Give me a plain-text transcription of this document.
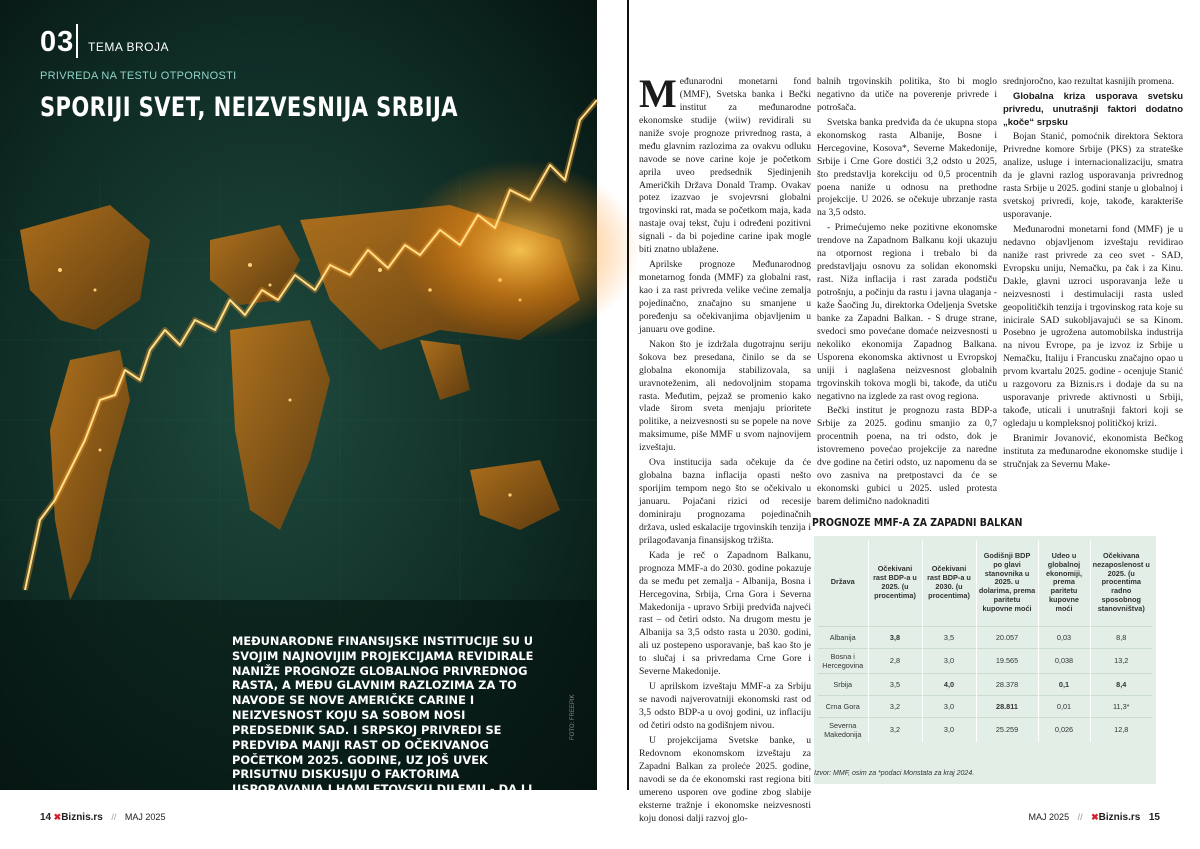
03 TEMA BROJA
PRIVREDA NA TESTU OTPORNOSTI
SPORIJI SVET, NEIZVESNIJA SRBIJA
MEĐUNARODNE FINANSIJSKE INSTITUCIJE SU U SVOJIM NAJNOVIJIM PROJEKCIJAMA REVIDIRALE NANIŽE PROGNOZE GLOBALNOG PRIVREDNOG RASTA, A MEĐU GLAVNIM RAZLOZIMA ZA TO NAVODE SE NOVE AMERIČKE CARINE I NEIZVESNOST KOJU SA SOBOM NOSI PREDSEDNIK SAD. I SRPSKOJ PRIVREDI SE PREDVIĐA MANJI RAST OD OČEKIVANOG POČETKOM 2025. GODINE, UZ JOŠ UVEK PRISUTNU DISKUSIJU O FAKTORIMA USPORAVANJA I HAMLETOVSKU DILEMU - DA LI JE VEĆI UDEO GLOBALNIH ILI DOMAĆIH NEGATIVNIH ČINILACA?
FOTO: FREEPIK

Međunarodni monetarni fond (MMF), Svetska banka i Bečki institut za međunarodne ekonomske studije (wiiw) revidirali su naniže svoje prognoze privrednog rasta, a među glavnim razlozima za ovakvu odluku navode se nove carine koje je početkom aprila uveo predsednik Sjedinjenih Američkih Država Donald Tramp. Ovakav potez izazvao je svojevrsni globalni trgovinski rat, mada se početkom maja, kada nastaje ovaj tekst, čuju i određeni pozitivni signali - da bi pojedine carine ipak mogle biti znatno ublažene.

Aprilske prognoze Međunarodnog monetarnog fonda (MMF) za globalni rast, kao i za rast privreda velike većine zemalja pojedinačno, značajno su smanjene u poređenju sa očekivanjima objavljenim u januaru ove godine.

Nakon što je izdržala dugotrajnu seriju šokova bez presedana, činilo se da se globalna ekonomija stabilizovala, sa uravnoteženim, ali nedovoljnim stopama rasta. Međutim, pejzaž se promenio kako vlade širom sveta menjaju prioritete politike, a neizvesnosti su se popele na nove maksimume, piše MMF u svom najnovijem izveštaju.

Ova institucija sada očekuje da će globalna bazna inflacija opasti nešto sporijim tempom nego što se očekivalo u januaru. Pojačani rizici od recesije dominiraju prognozama pojedinačnih država, usled eskalacije trgovinskih tenzija i prilagođavanja finansijskog tržišta.

Kada je reč o Zapadnom Balkanu, prognoza MMF-a do 2030. godine pokazuje da se među pet zemalja - Albanija, Bosna i Hercegovina, Srbija, Crna Gora i Severna Makedonija - upravo Srbiji predviđa najveći rast – od četiri odsto. Na drugom mestu je Albanija sa 3,5 odsto rasta u 2030. godini, ali uz postepeno usporavanje, baš kao što je to slučaj i sa privredama Crne Gore i Severne Makedonije.

U aprilskom izveštaju MMF-a za Srbiju se navodi najverovatniji ekonomski rast od 3,5 odsto BDP-a u ovoj godini, uz inflaciju od četiri odsto na godišnjem nivou.

U projekcijama Svetske banke, u Redovnom ekonomskom izveštaju za Zapadni Balkan za proleće 2025. godine, navodi se da će ekonomski rast regiona biti umereno usporen ove godine zbog slabije eksterne tražnje i ekonomske neizvesnosti koju donosi dalji razvoj glo-

balnih trgovinskih politika, što bi moglo negativno da utiče na poverenje privrede i potrošača.

Svetska banka predviđa da će ukupna stopa ekonomskog rasta Albanije, Bosne i Hercegovine, Kosova*, Severne Makedonije, Srbije i Crne Gore dostići 3,2 odsto u 2025, što predstavlja korekciju od 0,5 procentnih poena naniže u odnosu na prethodne projekcije. U 2026. se očekuje ubrzanje rasta na 3,5 odsto.

- Primećujemo neke pozitivne ekonomske trendove na Zapadnom Balkanu koji ukazuju na otpornost regiona i trebalo bi da predstavljaju osnovu za solidan ekonomski rast. Niža inflacija i rast zarada podstiču potrošnju, a počinju da rastu i javna ulaganja - kaže Šaočing Ju, direktorka Odeljenja Svetske banke za Zapadni Balkan. - S druge strane, svedoci smo povećane domaće neizvesnosti u nekoliko ekonomija Zapadnog Balkana. Usporena ekonomska aktivnost u Evropskoj uniji i naglašena neizvesnost globalnih trgovinskih tokova mogli bi, takođe, da utiču negativno na izglede za rast ovog regiona.

Bečki institut je prognozu rasta BDP-a Srbije za 2025. godinu smanjio za 0,7 procentnih poena, na tri odsto, dok je istovremeno povećao projekcije za naredne dve godine na četiri odsto, uz napomenu da se ovo zasniva na pretpostavci da će se ekonomski gubici u 2025. usled protesta barem delimično nadoknaditi

srednjoročno, kao rezultat kasnijih promena.

Globalna kriza usporava svetsku privredu, unutrašnji faktori dodatno „koče“ srpsku

Bojan Stanić, pomoćnik direktora Sektora Privredne komore Srbije (PKS) za strateške analize, usluge i internacionalizaciju, smatra da je glavni razlog usporavanja privrednog rasta Srbije u 2025. godini stanje u globalnoj i svetskoj privredi, koje, takođe, karakteriše usporavanje.

Međunarodni monetarni fond (MMF) je u nedavno objavljenom izveštaju revidirao naniže rast privrede za ceo svet - SAD, Evropsku uniju, Nemačku, pa čak i za Kinu. Dakle, glavni uzroci usporavanja leže u neizvesnosti i destimulaciji rasta usled geopolitičkih tenzija i trgovinskog rata koje su inicirale SAD sukobljavajući se sa Kinom. Posebno je ugrožena automobilska industrija na nivou Evrope, pa je izvoz iz Srbije u Nemačku, Italiju i Francusku značajno opao u prvom kvartalu 2025. godine - ocenjuje Stanić u razgovoru za Biznis.rs i dodaje da su na usporavanje privrede aktivnosti u Srbiji, takođe, uticali i unutrašnji faktori koji se ogledaju u kompleksnoj političkoj krizi.

Branimir Jovanović, ekonomista Bečkog instituta za međunarodne ekonomske studije i stručnjak za Severnu Make-

PROGNOZE MMF-A ZA ZAPADNI BALKAN
Država	Očekivani rast BDP-a u 2025. (u procentima)	Očekivani rast BDP-a u 2030. (u procentima)	Godišnji BDP po glavi stanovnika u 2025. u dolarima, prema paritetu kupovne moći	Udeo u globalnoj ekonomiji, prema paritetu kupovne moći	Očekivana nezaposlenost u 2025. (u procentima radno sposobnog stanovništva)
Albanija	3,8	3,5	20.057	0,03	8,8
Bosna i Hercegovina	2,8	3,0	19.565	0,038	13,2
Srbija	3,5	4,0	28.378	0,1	8,4
Crna Gora	3,2	3,0	28.811	0,01	11,3*
Severna Makedonija	3,2	3,0	25.259	0,026	12,8
Izvor: MMF, osim za *podaci Monstata za kraj 2024.
14 ✖Biznis.rs // MAJ 2025	MAJ 2025 // ✖Biznis.rs 15
